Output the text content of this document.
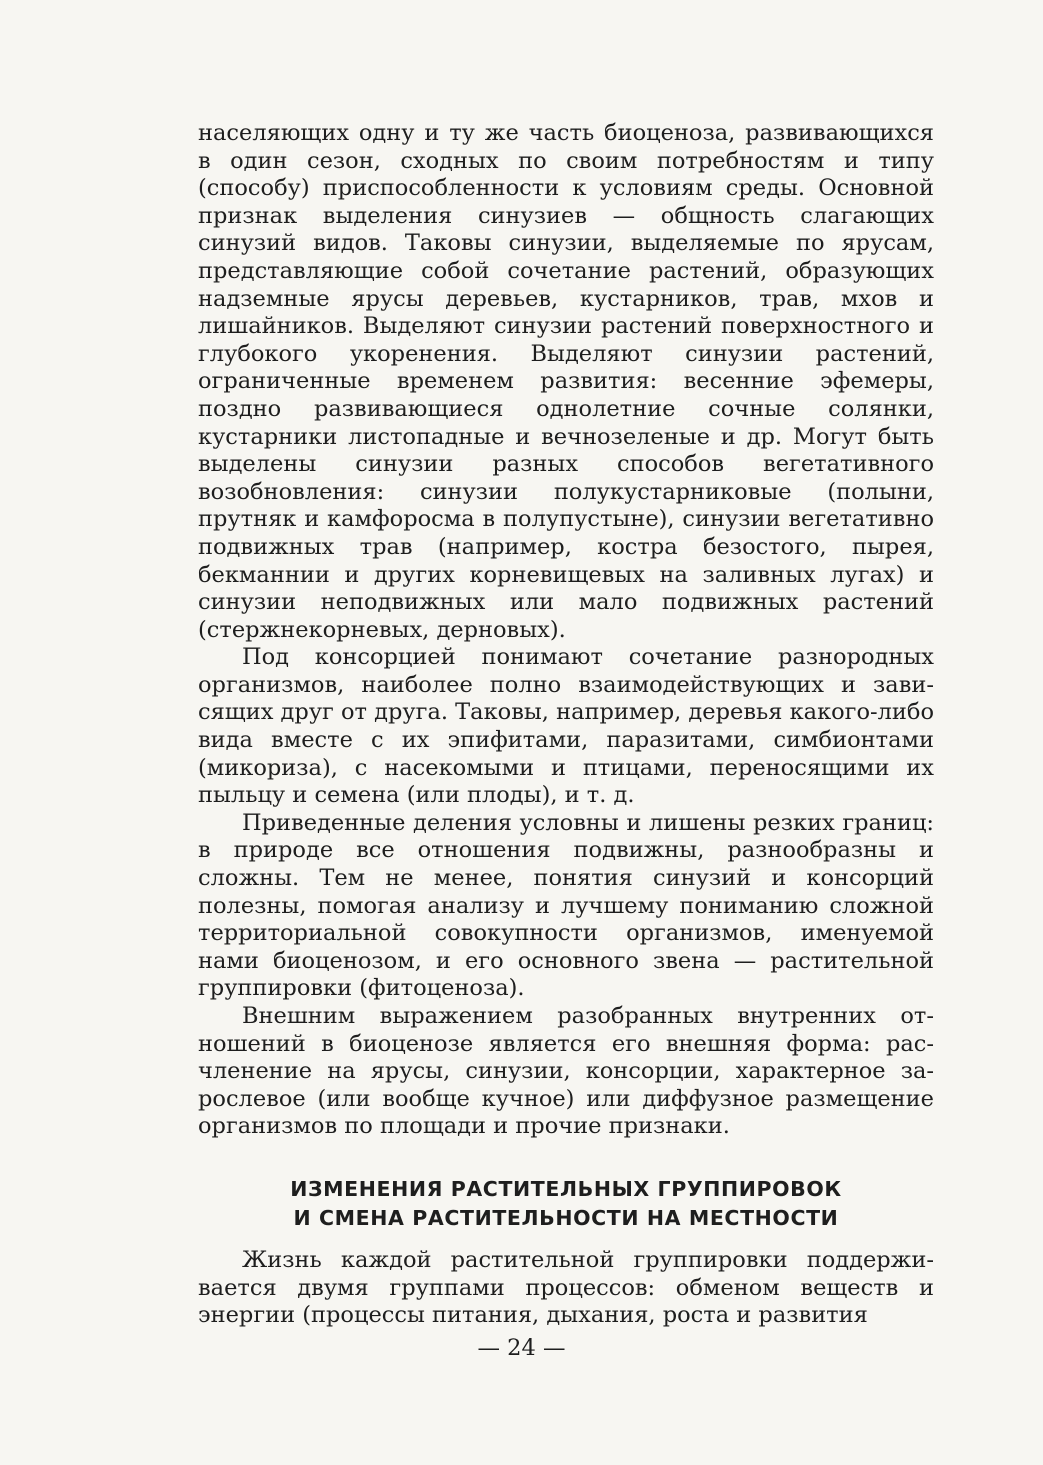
населяющих одну и ту же часть биоценоза, развивающихся в один сезон, сходных по своим потребностям и типу (способу) приспособленности к условиям среды. Основной признак выделения синузиев — общность слагающих синузий видов. Таковы синузии, выделяемые по ярусам, представляющие собой сочетание растений, образующих надземные ярусы деревьев, кустарников, трав, мхов и лишайников. Выделяют синузии растений поверхностного и глубокого укоренения. Выделяют синузии растений, ограниченные временем развития: весенние эфемеры, поздно развивающиеся однолетние сочные солянки, кустарники листопадные и вечнозеленые и др. Могут быть выделены синузии разных способов вегетативного возобновления: синузии полукустарниковые (полыни, прутняк и камфоросма в полупустыне), синузии вегетативно подвижных трав (например, костра безостого, пырея, бекманнии и других корневищевых на заливных лугах) и синузии неподвижных или мало подвижных растений (стержнекорневых, дерновых).

Под консорцией понимают сочетание разнородных организмов, наиболее полно взаимодействующих и зависящих друг от друга. Таковы, например, деревья какого-либо вида вместе с их эпифитами, паразитами, симбионтами (микориза), с насекомыми и птицами, переносящими их пыльцу и семена (или плоды), и т. д.

Приведенные деления условны и лишены резких границ: в природе все отношения подвижны, разнообразны и сложны. Тем не менее, понятия синузий и консорций полезны, помогая анализу и лучшему пониманию сложной территориальной совокупности организмов, именуемой нами биоценозом, и его основного звена — растительной группировки (фитоценоза).

Внешним выражением разобранных внутренних отношений в биоценозе является его внешняя форма: расчленение на ярусы, синузии, консорции, характерное зарослевое (или вообще кучное) или диффузное размещение организмов по площади и прочие признаки.

ИЗМЕНЕНИЯ РАСТИТЕЛЬНЫХ ГРУППИРОВОК
И СМЕНА РАСТИТЕЛЬНОСТИ НА МЕСТНОСТИ

Жизнь каждой растительной группировки поддерживается двумя группами процессов: обменом веществ и энергии (процессы питания, дыхания, роста и развития

— 24 —
